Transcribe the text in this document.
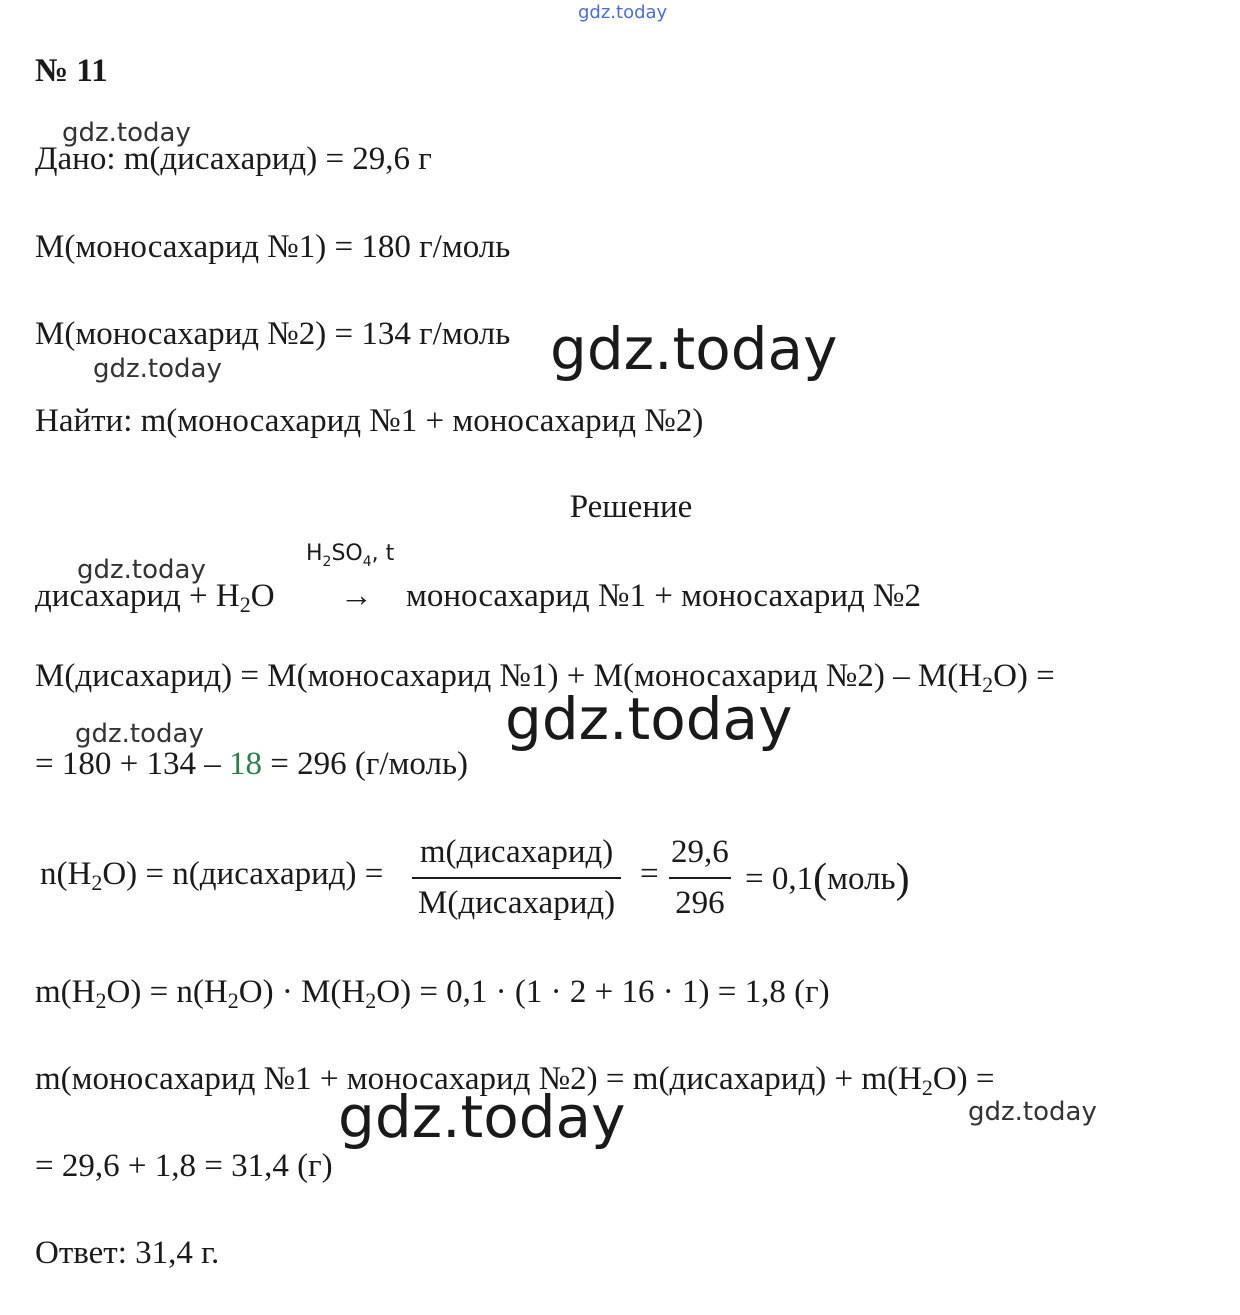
gdz.today
gdz.today
gdz.today
gdz.today
gdz.today
gdz.today	gdz.today
gdz.today	gdz.today
№ 11
Дано: m(дисахарид) = 29,6 г
М(моносахарид №1) = 180 г/моль
М(моносахарид №2) = 134 г/моль
Найти: m(моносахарид №1 + моносахарид №2)
Решение
$H_2SO_4$, t
дисахарид + $H_2O$ → моносахарид №1 + моносахарид №2
М(дисахарид) = М(моносахарид №1) + М(моносахарид №2) – $М(H_2O)$ =
= 180 + 134 – 18 = 296 (г/моль)
$n(H_2O)$ = n(дисахарид) =
m(дисахарид)
М(дисахарид)
= $\frac{29,6}{296}$ = 0,1(моль)
$m(H_2O) = n(H_2O) \cdot М(H_2O) = 0,1 \cdot (1 \cdot 2 + 16 \cdot 1) = 1,8$ (г)
m(моносахарид №1 + моносахарид №2) = m(дисахарид) + $m(H_2O)$ =
= 29,6 + 1,8 = 31,4 (г)
Ответ: 31,4 г.
